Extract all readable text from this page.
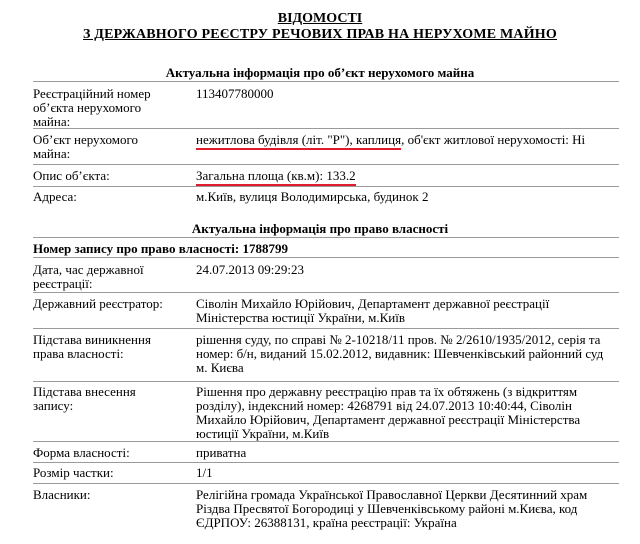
ВІДОМОСТІ
З ДЕРЖАВНОГО РЕЄСТРУ РЕЧОВИХ ПРАВ НА НЕРУХОМЕ МАЙНО
Актуальна інформація про об’єкт нерухомого майна
Реєстраційний номер об’єкта нерухомого майна:
113407780000
Об’єкт нерухомого майна:
нежитлова будівля (літ. "Р"), каплиця, об'єкт житлової нерухомості: Ні
Опис об’єкта:	Загальна площа (кв.м): 133.2
Адреса:	м.Київ, вулиця Володимирська, будинок 2
Актуальна інформація про право власності
Номер запису про право власності: 1788799
Дата, час державної реєстрації:
24.07.2013 09:29:23
Державний реєстратор:	Сіволін Михайло Юрійович, Департамент державної реєстрації Міністерства юстиції України, м.Київ
Підстава виникнення права власності:
рішення суду, по справі № 2-10218/11 пров. № 2/2610/1935/2012, серія та номер: б/н, виданий 15.02.2012, видавник: Шевченківський районний суд м. Києва
Підстава внесення запису:
Рішення про державну реєстрацію прав та їх обтяжень (з відкриттям розділу), індексний номер: 4268791 від 24.07.2013 10:40:44, Сіволін Михайло Юрійович, Департамент державної реєстрації Міністерства юстиції України, м.Київ
Форма власності:	приватна
Розмір частки:	1/1
Власники:	Релігійна громада Української Православної Церкви Десятинний храм Різдва Пресвятої Богородиці у Шевченківському районі м.Києва, код ЄДРПОУ: 26388131, країна реєстрації: Україна
